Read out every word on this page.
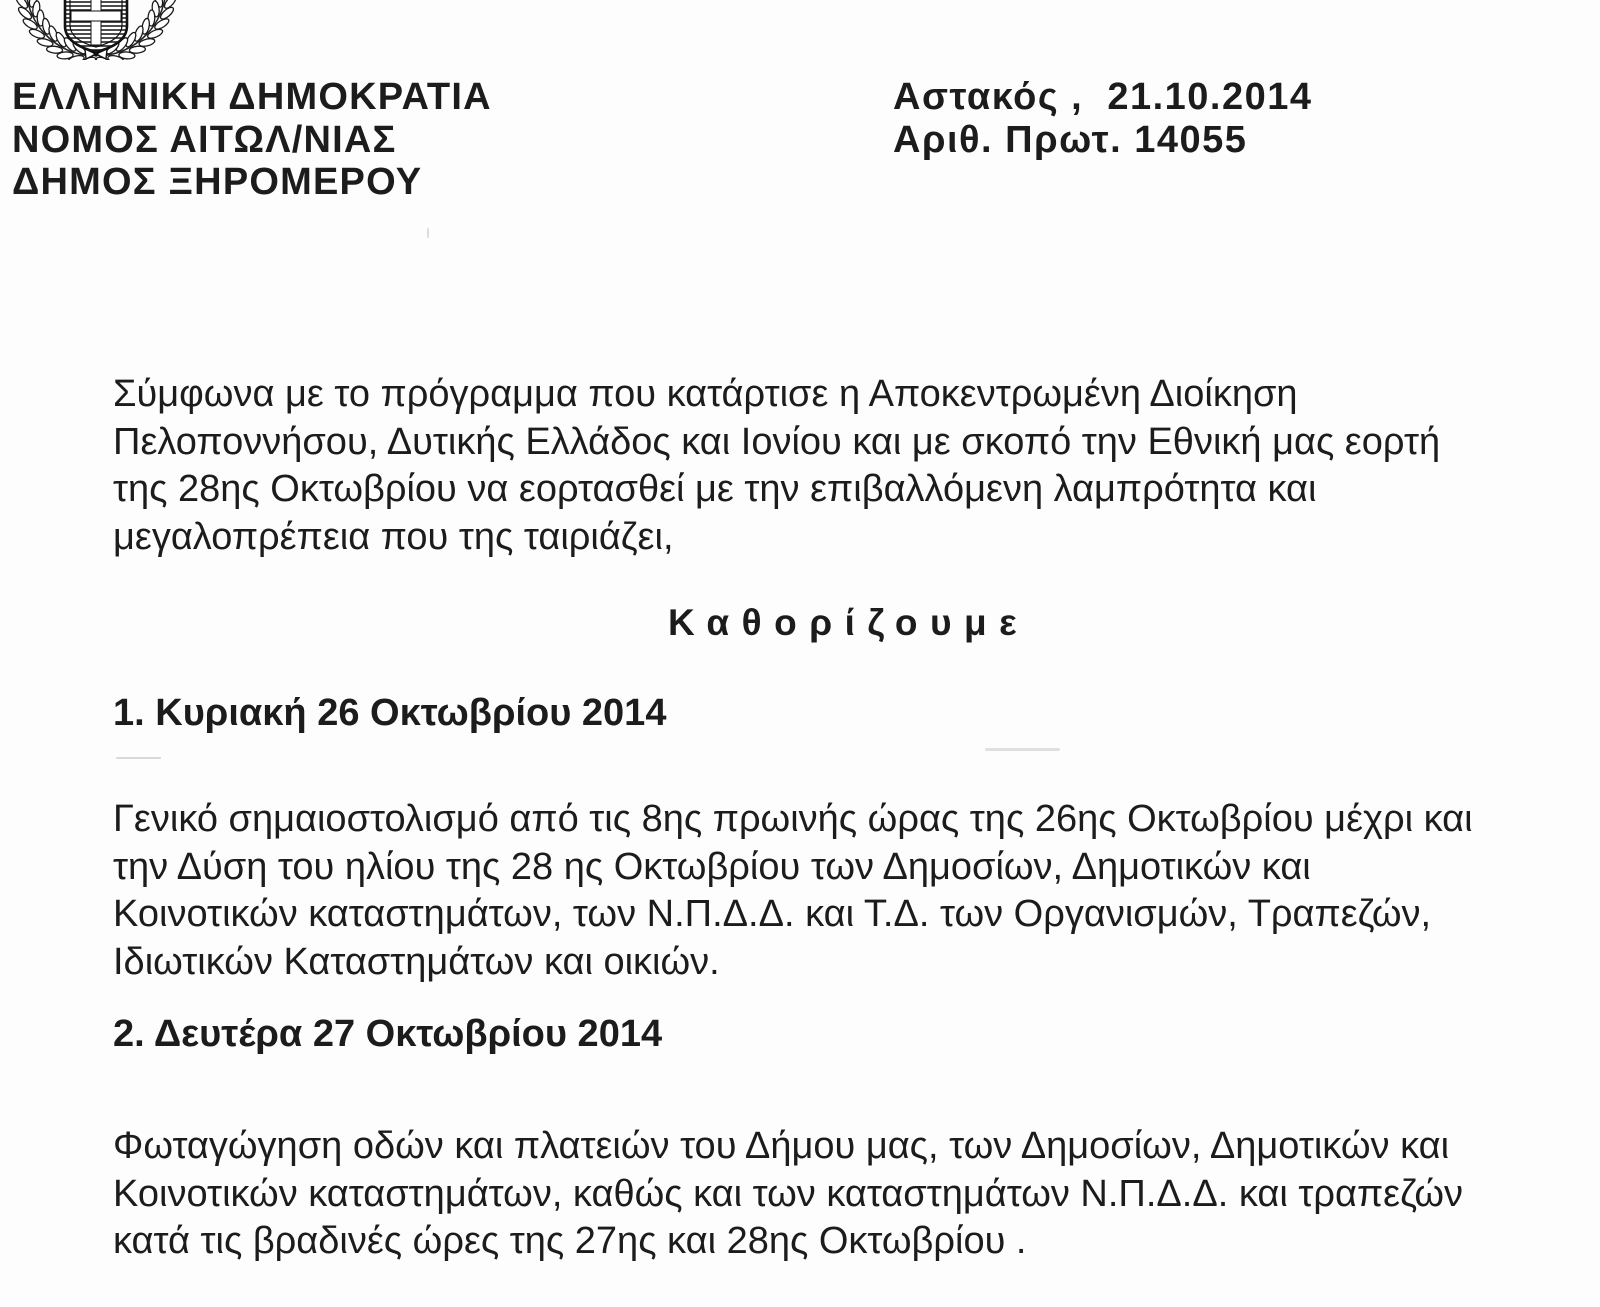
ΕΛΛΗΝΙΚΗ ΔΗΜΟΚΡΑΤΙΑ
ΝΟΜΟΣ ΑΙΤΩΛ/ΝΙΑΣ
ΔΗΜΟΣ ΞΗΡΟΜΕΡΟΥ
Αστακός ,  21.10.2014
Αριθ. Πρωτ. 14055
Σύμφωνα με το πρόγραμμα που κατάρτισε η Αποκεντρωμένη Διοίκηση
Πελοποννήσου, Δυτικής Ελλάδος και Ιονίου και με σκοπό την Εθνική μας εορτή
της 28ης Οκτωβρίου να εορτασθεί με την επιβαλλόμενη λαμπρότητα και
μεγαλοπρέπεια που της ταιριάζει,
Καθορίζουμε
1. Κυριακή 26 Οκτωβρίου 2014
Γενικό σημαιοστολισμό από τις 8ης πρωινής ώρας της 26ης Οκτωβρίου μέχρι και
την Δύση του ηλίου της 28 ης Οκτωβρίου των Δημοσίων, Δημοτικών και
Κοινοτικών καταστημάτων, των Ν.Π.Δ.Δ. και Τ.Δ. των Οργανισμών, Τραπεζών,
Ιδιωτικών Καταστημάτων και οικιών.
2. Δευτέρα 27 Οκτωβρίου 2014
Φωταγώγηση οδών και πλατειών του Δήμου μας, των Δημοσίων, Δημοτικών και
Κοινοτικών καταστημάτων, καθώς και των καταστημάτων Ν.Π.Δ.Δ. και τραπεζών
κατά τις βραδινές ώρες της 27ης και 28ης Οκτωβρίου .
